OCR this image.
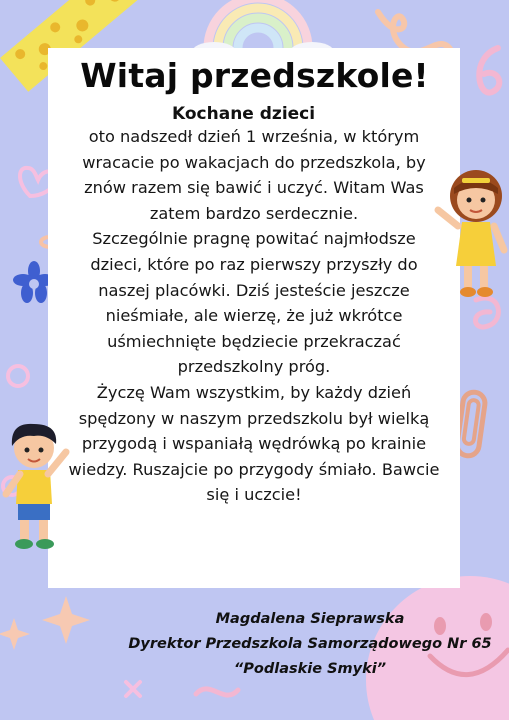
Witaj przedszkole!
Kochane dzieci

oto nadszedł dzień 1 września, w którym wracacie po wakacjach do przedszkola, by znów razem się bawić i uczyć. Witam Was zatem bardzo serdecznie.

Szczególnie pragnę powitać najmłodsze dzieci, które po raz pierwszy przyszły do naszej placówki. Dziś jesteście jeszcze nieśmiałe, ale wierzę, że już wkrótce uśmiechnięte będziecie przekraczać przedszkolny próg.

Życzę Wam wszystkim, by każdy dzień spędzony w naszym przedszkolu był wielką przygodą i wspaniałą wędrówką po krainie wiedzy. Ruszajcie po przygody śmiało. Bawcie się i uczcie!

Magdalena Sieprawska

Dyrektor Przedszkola Samorządowego Nr 65

“Podlaskie Smyki”
